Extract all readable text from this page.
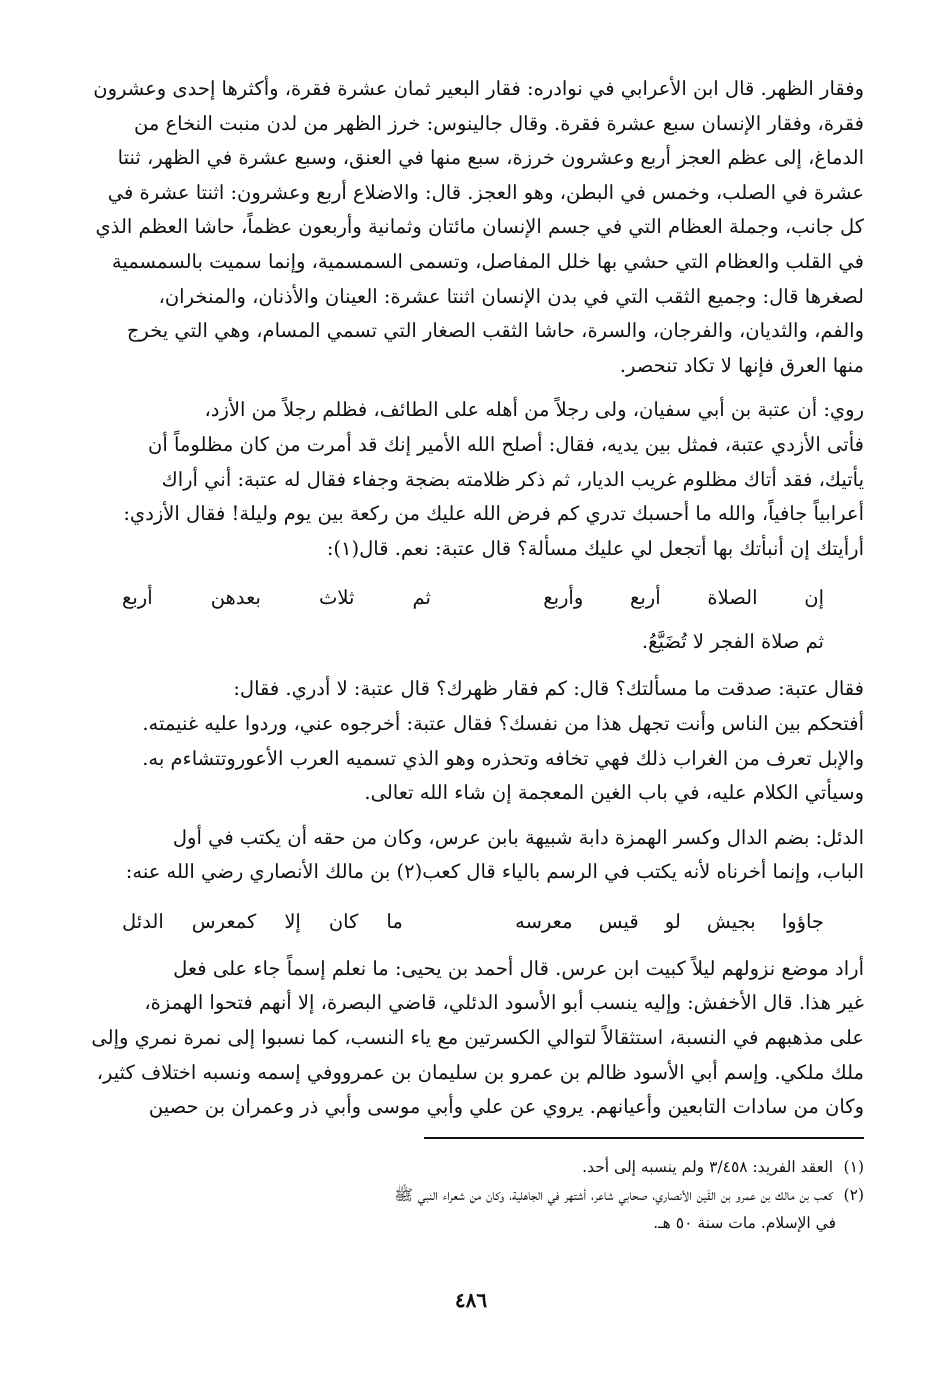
وفقار الظهر. قال ابن الأعرابي في نوادره: فقار البعير ثمان عشرة فقرة، وأكثرها إحدى وعشرون

فقرة، وفقار الإنسان سبع عشرة فقرة. وقال جالينوس: خرز الظهر من لدن منبت النخاع من

الدماغ، إلى عظم العجز أربع وعشرون خرزة، سبع منها في العنق، وسبع عشرة في الظهر، ثنتا

عشرة في الصلب، وخمس في البطن، وهو العجز. قال: والاضلاع أربع وعشرون: اثنتا عشرة في

كل جانب، وجملة العظام التي في جسم الإنسان مائتان وثمانية وأربعون عظماً، حاشا العظم الذي

في القلب والعظام التي حشي بها خلل المفاصل، وتسمى السمسمية، وإنما سميت بالسمسمية

لصغرها قال: وجميع الثقب التي في بدن الإنسان اثنتا عشرة: العينان والأذنان، والمنخران،

والفم، والثديان، والفرجان، والسرة، حاشا الثقب الصغار التي تسمي المسام، وهي التي يخرج

منها العرق فإنها لا تكاد تنحصر.

روي: أن عتبة بن أبي سفيان، ولى رجلاً من أهله على الطائف، فظلم رجلاً من الأزد،

فأتى الأزدي عتبة، فمثل بين يديه، فقال: أصلح الله الأمير إنك قد أمرت من كان مظلوماً أن

يأتيك، فقد أتاك مظلوم غريب الديار، ثم ذكر ظلامته بضجة وجفاء فقال له عتبة: أني أراك

أعرابياً جافياً، والله ما أحسبك تدري كم فرض الله عليك من ركعة بين يوم وليلة! فقال الأزدي:

أرأيتك إن أنبأتك بها أتجعل لي عليك مسألة؟ قال عتبة: نعم. قال(١):

إن الصلاة أربع وأربع
ثم ثلاث بعدهن أربع
ثم صلاة الفجر لا تُضَيَّعُ.

فقال عتبة: صدقت ما مسألتك؟ قال: كم فقار ظهرك؟ قال عتبة: لا أدري. فقال:

أفتحكم بين الناس وأنت تجهل هذا من نفسك؟ فقال عتبة: أخرجوه عني، وردوا عليه غنيمته.

والإبل تعرف من الغراب ذلك فهي تخافه وتحذره وهو الذي تسميه العرب الأعوروتتشاءم به.

وسيأتي الكلام عليه، في باب الغين المعجمة إن شاء الله تعالى.

الدئل: بضم الدال وكسر الهمزة دابة شبيهة بابن عرس، وكان من حقه أن يكتب في أول

الباب، وإنما أخرناه لأنه يكتب في الرسم بالياء قال كعب(٢) بن مالك الأنصاري رضي الله عنه:

جاؤوا بجيش لو قيس معرسه
ما كان إلا كمعرس الدئل

أراد موضع نزولهم ليلاً كبيت ابن عرس. قال أحمد بن يحيى: ما نعلم إسماً جاء على فعل

غير هذا. قال الأخفش: وإليه ينسب أبو الأسود الدئلي، قاضي البصرة، إلا أنهم فتحوا الهمزة،

على مذهبهم في النسبة، استثقالاً لتوالي الكسرتين مع ياء النسب، كما نسبوا إلى نمرة نمري وإلى

ملك ملكي. وإسم أبي الأسود ظالم بن عمرو بن سليمان بن عمرووفي إسمه ونسبه اختلاف كثير،

وكان من سادات التابعين وأعيانهم. يروي عن علي وأبي موسى وأبي ذر وعمران بن حصين

(١) العقد الفريد: ٣/٤٥٨ ولم ينسبه إلى أحد.

(٢) كعب بن مالك بن عمرو بن القَين الأنصاري، صحابي شاعر، أشتهر في الجاهلية، وكان من شعراء النبي ﷺ

في الإسلام. مات سنة ٥٠ هـ.

٤٨٦
